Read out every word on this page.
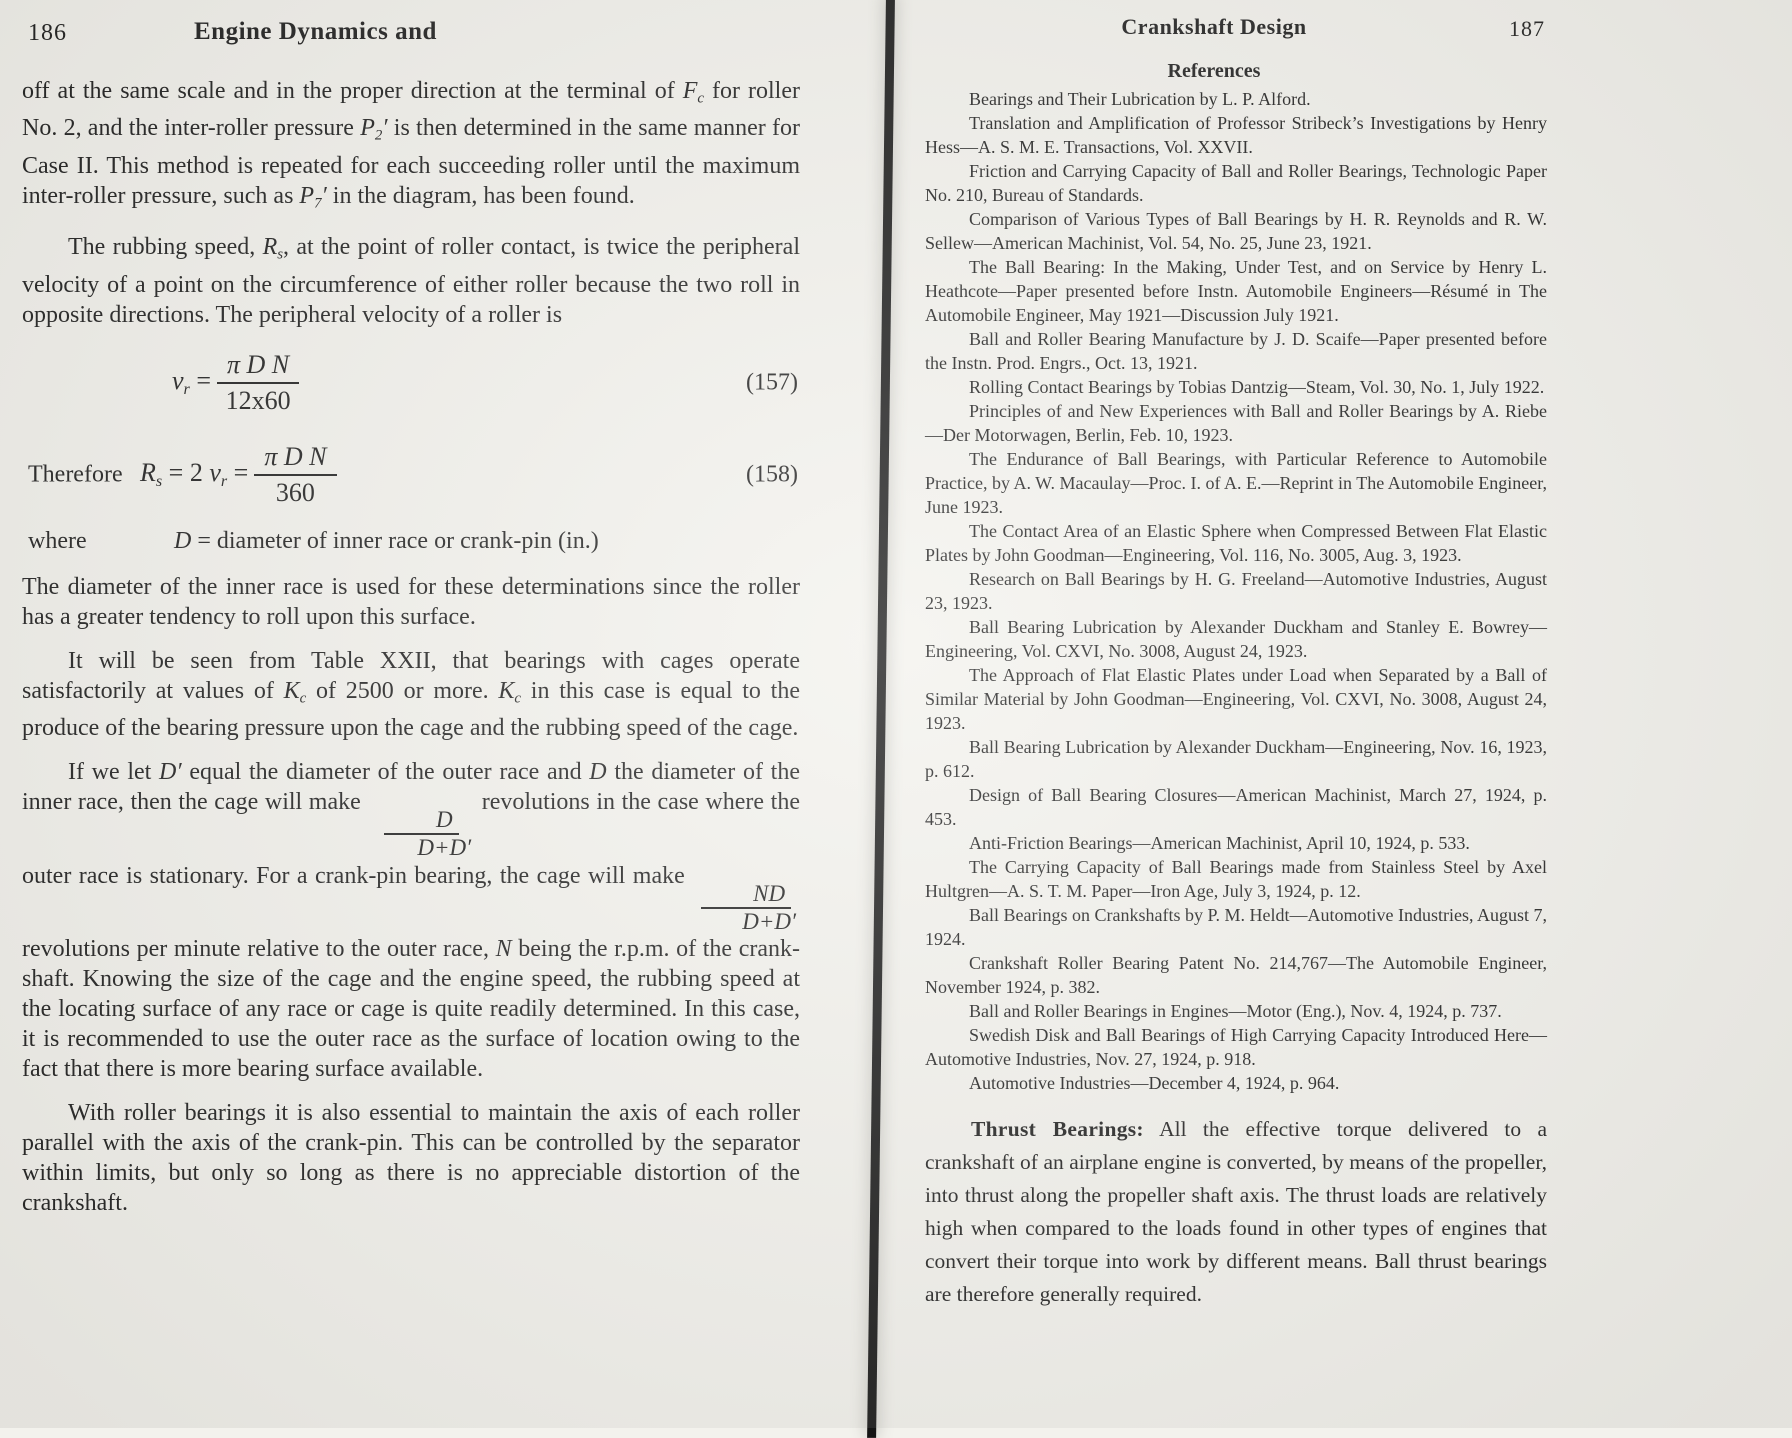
186	Engine Dynamics and

off at the same scale and in the proper direction at the terminal of Fc for roller No. 2, and the inter-roller pressure P2′ is then determined in the same manner for Case II. This method is repeated for each succeeding roller until the maximum inter-roller pressure, such as P7′ in the diagram, has been found.

The rubbing speed, Rs, at the point of roller contact, is twice the peripheral velocity of a point on the circumference of either roller because the two roll in opposite directions. The peripheral velocity of a roller is

vr = $\frac{\text{π D N}}{12x60}$	(157)
Therefore Rs = 2 vr = $\frac{\text{π D N}}{360}$	(158)
where	D = diameter of inner race or crank-pin (in.)

The diameter of the inner race is used for these determinations since the roller has a greater tendency to roll upon this surface.

It will be seen from Table XXII, that bearings with cages operate satisfactorily at values of Kc of 2500 or more. Kc in this case is equal to the produce of the bearing pressure upon the cage and the rubbing speed of the cage.

If we let D′ equal the diameter of the outer race and D the diameter of the inner race, then the cage will make
$\frac{D}{D+D'}$
revolutions in the case where the outer race is stationary. For a crank-pin bearing, the cage will make
$\frac{ND}{D+D'}$
revolutions per minute relative to the outer race, N being the r.p.m. of the crank-shaft. Knowing the size of the cage and the engine speed, the rubbing speed at the locating surface of any race or cage is quite readily determined. In this case, it is recommended to use the outer race as the surface of location owing to the fact that there is more bearing surface available.

With roller bearings it is also essential to maintain the axis of each roller parallel with the axis of the crank-pin. This can be controlled by the separator within limits, but only so long as there is no appreciable distortion of the crankshaft.

Crankshaft Design	187
References

Bearings and Their Lubrication by L. P. Alford.

Translation and Amplification of Professor Stribeck’s Investigations by Henry Hess—A. S. M. E. Transactions, Vol. XXVII.

Friction and Carrying Capacity of Ball and Roller Bearings, Technologic Paper No. 210, Bureau of Standards.

Comparison of Various Types of Ball Bearings by H. R. Reynolds and R. W. Sellew—American Machinist, Vol. 54, No. 25, June 23, 1921.

The Ball Bearing: In the Making, Under Test, and on Service by Henry L. Heathcote—Paper presented before Instn. Automobile Engineers—Résumé in The Automobile Engineer, May 1921—Discussion July 1921.

Ball and Roller Bearing Manufacture by J. D. Scaife—Paper presented before the Instn. Prod. Engrs., Oct. 13, 1921.

Rolling Contact Bearings by Tobias Dantzig—Steam, Vol. 30, No. 1, July 1922.

Principles of and New Experiences with Ball and Roller Bearings by A. Riebe—Der Motorwagen, Berlin, Feb. 10, 1923.

The Endurance of Ball Bearings, with Particular Reference to Automobile Practice, by A. W. Macaulay—Proc. I. of A. E.—Reprint in The Automobile Engineer, June 1923.

The Contact Area of an Elastic Sphere when Compressed Between Flat Elastic Plates by John Goodman—Engineering, Vol. 116, No. 3005, Aug. 3, 1923.

Research on Ball Bearings by H. G. Freeland—Automotive Industries, August 23, 1923.

Ball Bearing Lubrication by Alexander Duckham and Stanley E. Bowrey—Engineering, Vol. CXVI, No. 3008, August 24, 1923.

The Approach of Flat Elastic Plates under Load when Separated by a Ball of Similar Material by John Goodman—Engineering, Vol. CXVI, No. 3008, August 24, 1923.

Ball Bearing Lubrication by Alexander Duckham—Engineering, Nov. 16, 1923, p. 612.

Design of Ball Bearing Closures—American Machinist, March 27, 1924, p. 453.

Anti-Friction Bearings—American Machinist, April 10, 1924, p. 533.

The Carrying Capacity of Ball Bearings made from Stainless Steel by Axel Hultgren—A. S. T. M. Paper—Iron Age, July 3, 1924, p. 12.

Ball Bearings on Crankshafts by P. M. Heldt—Automotive Industries, August 7, 1924.

Crankshaft Roller Bearing Patent No. 214,767—The Automobile Engineer, November 1924, p. 382.

Ball and Roller Bearings in Engines—Motor (Eng.), Nov. 4, 1924, p. 737.

Swedish Disk and Ball Bearings of High Carrying Capacity Introduced Here—Automotive Industries, Nov. 27, 1924, p. 918.

Automotive Industries—December 4, 1924, p. 964.

Thrust Bearings: All the effective torque delivered to a crankshaft of an airplane engine is converted, by means of the propeller, into thrust along the propeller shaft axis. The thrust loads are relatively high when compared to the loads found in other types of engines that convert their torque into work by different means. Ball thrust bearings are therefore generally required.
